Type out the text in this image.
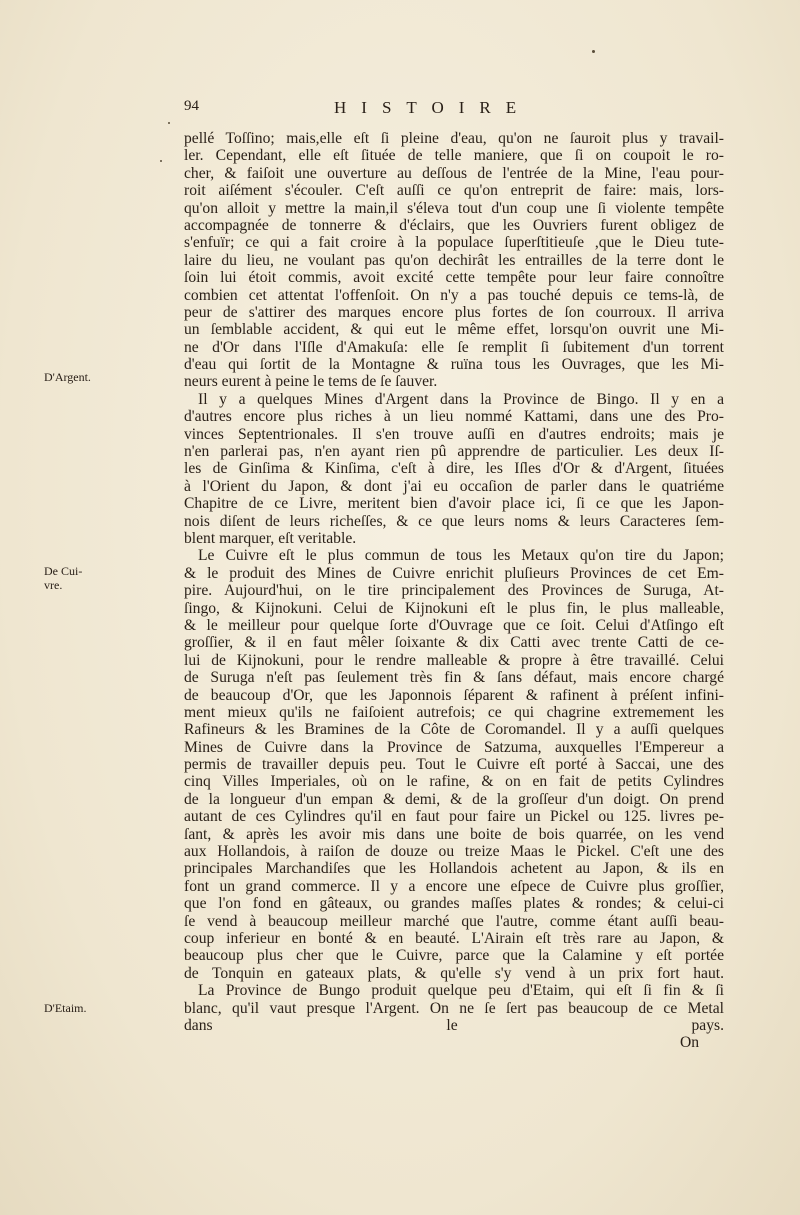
94	HISTOIRE
D'Argent.
De Cui-
vre.
D'Etaim.
pellé Toſſino; mais,elle eſt ſi pleine d'eau, qu'on ne ſauroit plus y travail-
ler. Cependant, elle eſt ſituée de telle maniere, que ſi on coupoit le ro-
cher, & faiſoit une ouverture au deſſous de l'entrée de la Mine, l'eau pour-
roit aiſément s'écouler. C'eſt auſſi ce qu'on entreprit de faire: mais, lors-
qu'on alloit y mettre la main,il s'éleva tout d'un coup une ſi violente tempête
accompagnée de tonnerre & d'éclairs, que les Ouvriers furent obligez de
s'enfuïr; ce qui a fait croire à la populace ſuperſtitieuſe ,que le Dieu tute-
laire du lieu, ne voulant pas qu'on dechirât les entrailles de la terre dont le
ſoin lui étoit commis, avoit excité cette tempête pour leur faire connoître
combien cet attentat l'offenſoit. On n'y a pas touché depuis ce tems-là, de
peur de s'attirer des marques encore plus fortes de ſon courroux. Il arriva
un ſemblable accident, & qui eut le même effet, lorsqu'on ouvrit une Mi-
ne d'Or dans l'Iſle d'Amakuſa: elle ſe remplit ſi ſubitement d'un torrent
d'eau qui ſortit de la Montagne & ruïna tous les Ouvrages, que les Mi-
neurs eurent à peine le tems de ſe ſauver.
Il y a quelques Mines d'Argent dans la Province de Bingo. Il y en a
d'autres encore plus riches à un lieu nommé Kattami, dans une des Pro-
vinces Septentrionales. Il s'en trouve auſſi en d'autres endroits; mais je
n'en parlerai pas, n'en ayant rien pû apprendre de particulier. Les deux Iſ-
les de Ginſima & Kinſima, c'eſt à dire, les Iſles d'Or & d'Argent, ſituées
à l'Orient du Japon, & dont j'ai eu occaſion de parler dans le quatriéme
Chapitre de ce Livre, meritent bien d'avoir place ici, ſi ce que les Japon-
nois diſent de leurs richeſſes, & ce que leurs noms & leurs Caracteres ſem-
blent marquer, eſt veritable.
Le Cuivre eſt le plus commun de tous les Metaux qu'on tire du Japon;
& le produit des Mines de Cuivre enrichit pluſieurs Provinces de cet Em-
pire. Aujourd'hui, on le tire principalement des Provinces de Suruga, At-
ſingo, & Kijnokuni. Celui de Kijnokuni eſt le plus fin, le plus malleable,
& le meilleur pour quelque ſorte d'Ouvrage que ce ſoit. Celui d'Atſingo eſt
groſſier, & il en faut mêler ſoixante & dix Catti avec trente Catti de ce-
lui de Kijnokuni, pour le rendre malleable & propre à être travaillé. Celui
de Suruga n'eſt pas ſeulement très fin & ſans défaut, mais encore chargé
de beaucoup d'Or, que les Japonnois ſéparent & rafinent à préſent infini-
ment mieux qu'ils ne faiſoient autrefois; ce qui chagrine extremement les
Rafineurs & les Bramines de la Côte de Coromandel. Il y a auſſi quelques
Mines de Cuivre dans la Province de Satzuma, auxquelles l'Empereur a
permis de travailler depuis peu. Tout le Cuivre eſt porté à Saccai, une des
cinq Villes Imperiales, où on le rafine, & on en fait de petits Cylindres
de la longueur d'un empan & demi, & de la groſſeur d'un doigt. On prend
autant de ces Cylindres qu'il en faut pour faire un Pickel ou 125. livres pe-
ſant, & après les avoir mis dans une boite de bois quarrée, on les vend
aux Hollandois, à raiſon de douze ou treize Maas le Pickel. C'eſt une des
principales Marchandiſes que les Hollandois achetent au Japon, & ils en
font un grand commerce. Il y a encore une eſpece de Cuivre plus groſſier,
que l'on fond en gâteaux, ou grandes maſſes plates & rondes; & celui-ci
ſe vend à beaucoup meilleur marché que l'autre, comme étant auſſi beau-
coup inferieur en bonté & en beauté. L'Airain eſt très rare au Japon, &
beaucoup plus cher que le Cuivre, parce que la Calamine y eſt portée
de Tonquin en gateaux plats, & qu'elle s'y vend à un prix fort haut.
La Province de Bungo produit quelque peu d'Etaim, qui eſt ſi fin & ſi
blanc, qu'il vaut presque l'Argent. On ne ſe ſert pas beaucoup de ce Metal
dans le pays.
On
